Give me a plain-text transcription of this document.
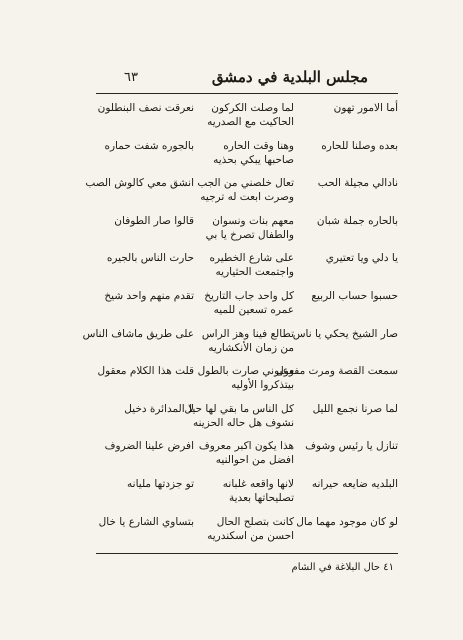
مجلس البلدية في دمشق
٦٣
أما الامور تهون
لما وصلت الكركون
الحاكيت مع الصدريه
نعرقت نصف البنطلون
بعده وصلنا للحاره
وهنا وقت الحاره
صاحبها يبكي بحذيه
بالجوره شفت حماره
نادالي مجيلة الحب
تعال خلصني من الجب
وصرت ابعت له ترجيه
انشق معي كالوش الصب
بالحاره جملة شبان
معهم بنات ونسوان
والطفال تصرخ يا بي
قالوا صار الطوفان
يا دلي ويا تعتيري
على شارع الخطيره
واجتمعت الحثياريه
حارت الناس بالجيره
حسبوا حساب الربيع
كل واحد جاب التاريخ
عمره تسعين للميه
تقدم منهم واحد شيخ
صار الشيخ يحكي يا ناس
تطالع فينا وهز الراس
من زمان الأنكشاريه
على طريق ماشاف الناس
سمعت القصة ومرت مفعول
وعيوني صارت بالطول
بيتذكروا الأوليه
قلت هذا الكلام معقول
لما صرنا نجمع الليل
كل الناس ما بقي لها حيل
نشوف هل حاله الحزينه
لا المدائرة دخيل
تنازل يا رئيس وشوف
هذا يكون اكبر معروف
افضل من احوالنيه
افرض علينا الضروف
البلديه ضايعه حيرانه
لانها واقعه غلبانه
تصليحاتها بعدية
تو جزدتها مليانه
لو كان موجود مهما مال
كانت بتصلح الحال
احسن من اسكندريه
بتساوي الشارع يا خال
٤١ حال البلاغة في الشام
